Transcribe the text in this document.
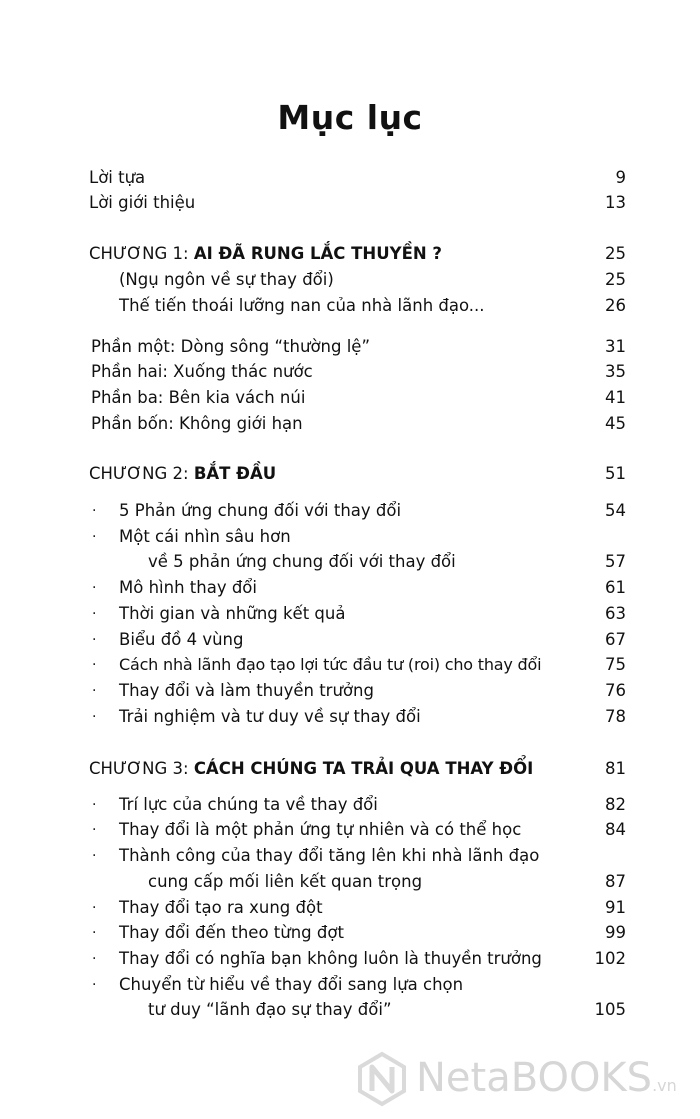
Mục lục
Lời tựa	9
Lời giới thiệu	13
CHƯƠNG 1: AI ĐÃ RUNG LẮC THUYỀN ?	25
(Ngụ ngôn về sự thay đổi)	25
Thế tiến thoái lưỡng nan của nhà lãnh đạo...	26
Phần một: Dòng sông “thường lệ”	31
Phần hai: Xuống thác nước	35
Phần ba: Bên kia vách núi	41
Phần bốn: Không giới hạn	45
CHƯƠNG 2: BẮT ĐẦU	51
· 5 Phản ứng chung đối với thay đổi	54
· Một cái nhìn sâu hơn
về 5 phản ứng chung đối với thay đổi	57
· Mô hình thay đổi	61
· Thời gian và những kết quả	63
· Biểu đồ 4 vùng	67
· Cách nhà lãnh đạo tạo lợi tức đầu tư (roi) cho thay đổi	75
· Thay đổi và làm thuyền trưởng	76
· Trải nghiệm và tư duy về sự thay đổi	78
CHƯƠNG 3: CÁCH CHÚNG TA TRẢI QUA THAY ĐỔI	81
· Trí lực của chúng ta về thay đổi	82
· Thay đổi là một phản ứng tự nhiên và có thể học	84
· Thành công của thay đổi tăng lên khi nhà lãnh đạo
cung cấp mối liên kết quan trọng	87
· Thay đổi tạo ra xung đột	91
· Thay đổi đến theo từng đợt	99
· Thay đổi có nghĩa bạn không luôn là thuyền trưởng	102
· Chuyển từ hiểu về thay đổi sang lựa chọn
tư duy “lãnh đạo sự thay đổi”	105
NetaBOOKS.vn
